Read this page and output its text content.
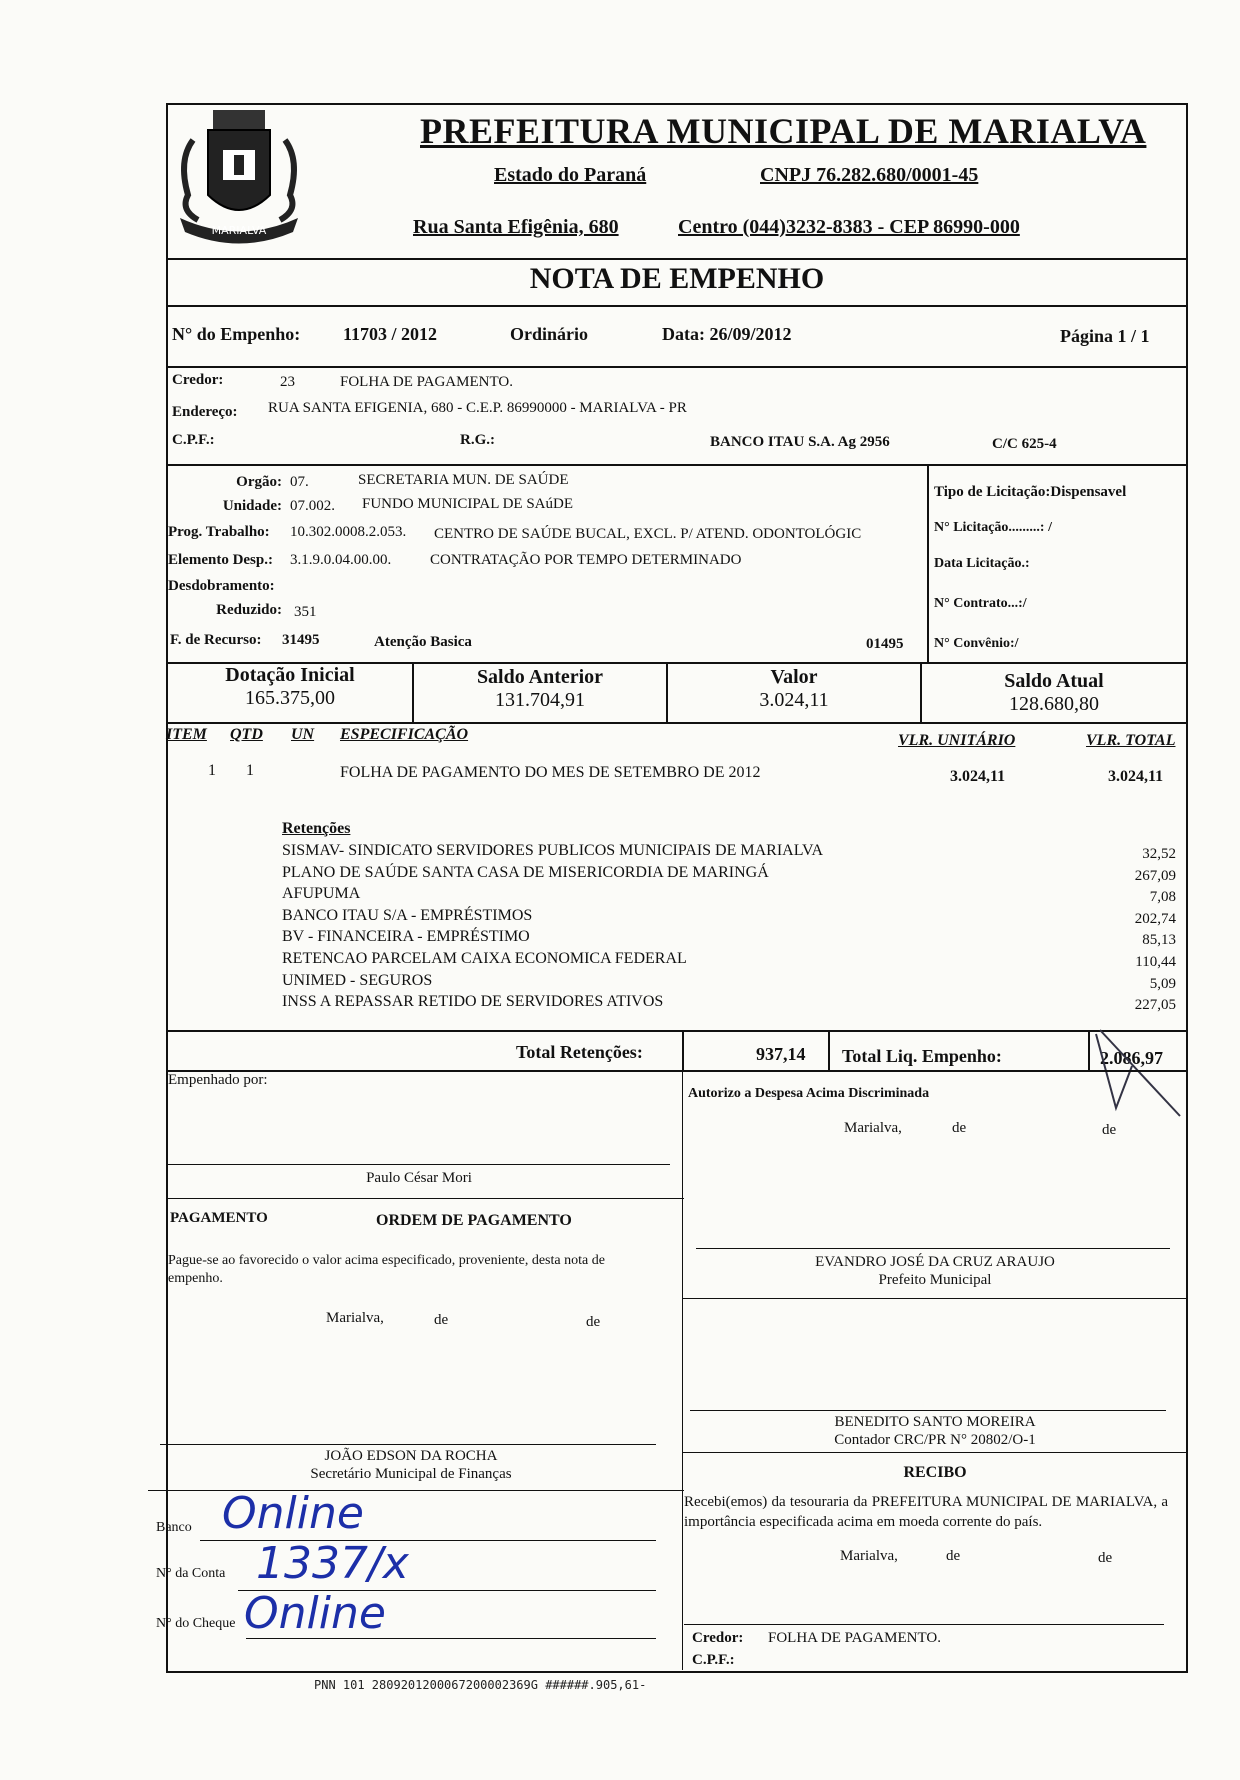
MARIALVA
PREFEITURA MUNICIPAL DE MARIALVA
Estado do Paraná	CNPJ 76.282.680/0001-45
Rua Santa Efigênia, 680	Centro (044)3232-8383 - CEP 86990-000
NOTA DE EMPENHO
N° do Empenho: 11703 / 2012	Ordinário	Data: 26/09/2012	Página 1 / 1
Credor:	23	FOLHA DE PAGAMENTO.
Endereço: RUA SANTA EFIGENIA, 680 - C.E.P. 86990000 - MARIALVA - PR
C.P.F.:	R.G.:	BANCO ITAU S.A. Ag 2956	C/C 625-4
Orgão: 07.	SECRETARIA MUN. DE SAÚDE
Unidade: 07.002. FUNDO MUNICIPAL DE SAúDE
Prog. Trabalho: 10.302.0008.2.053. CENTRO DE SAÚDE BUCAL, EXCL. P/ ATEND. ODONTOLÓGIC
Elemento Desp.: 3.1.9.0.04.00.00.	CONTRATAÇÃO POR TEMPO DETERMINADO
Desdobramento:
Reduzido: 351
F. de Recurso: 31495	Atenção Basica	01495
Tipo de Licitação:Dispensavel
N° Licitação.........: /
Data Licitação.:
N° Contrato...:/
N° Convênio:/
Dotação Inicial
165.375,00
Saldo Anterior
131.704,91
Valor
3.024,11
Saldo Atual
128.680,80
ITEM QTD UN ESPECIFICAÇÃO	VLR. UNITÁRIO	VLR. TOTAL
1 1	FOLHA DE PAGAMENTO DO MES DE SETEMBRO DE 2012	3.024,11	3.024,11
Retenções
SISMAV- SINDICATO SERVIDORES PUBLICOS MUNICIPAIS DE MARIALVA	32,52
PLANO DE SAÚDE SANTA CASA DE MISERICORDIA DE MARINGÁ	267,09
AFUPUMA	7,08
BANCO ITAU S/A - EMPRÉSTIMOS	202,74
BV - FINANCEIRA - EMPRÉSTIMO	85,13
RETENCAO PARCELAM CAIXA ECONOMICA FEDERAL	110,44
UNIMED - SEGUROS	5,09
INSS A REPASSAR RETIDO DE SERVIDORES ATIVOS	227,05
Total Retenções:	937,14 Total Liq. Empenho:	2.086,97
Empenhado por:
Paulo César Mori
Autorizo a Despesa Acima Discriminada
Marialva,	de	de
PAGAMENTO	ORDEM DE PAGAMENTO
Pague-se ao favorecido o valor acima especificado, proveniente, desta nota de empenho.
Marialva,	de	de
EVANDRO JOSÉ DA CRUZ ARAUJO
Prefeito Municipal
BENEDITO SANTO MOREIRA
Contador CRC/PR N° 20802/O-1
RECIBO
Recebi(emos) da tesouraria da PREFEITURA MUNICIPAL DE MARIALVA, a importância especificada acima em moeda corrente do país.
Marialva,	de	de
Credor: FOLHA DE PAGAMENTO.
C.P.F.:
JOÃO EDSON DA ROCHA
Secretário Municipal de Finanças
Banco Online
N° da Conta 1337/x
N° do Cheque Online
PNN 101 2809201200067200002369G ######.905,61-
